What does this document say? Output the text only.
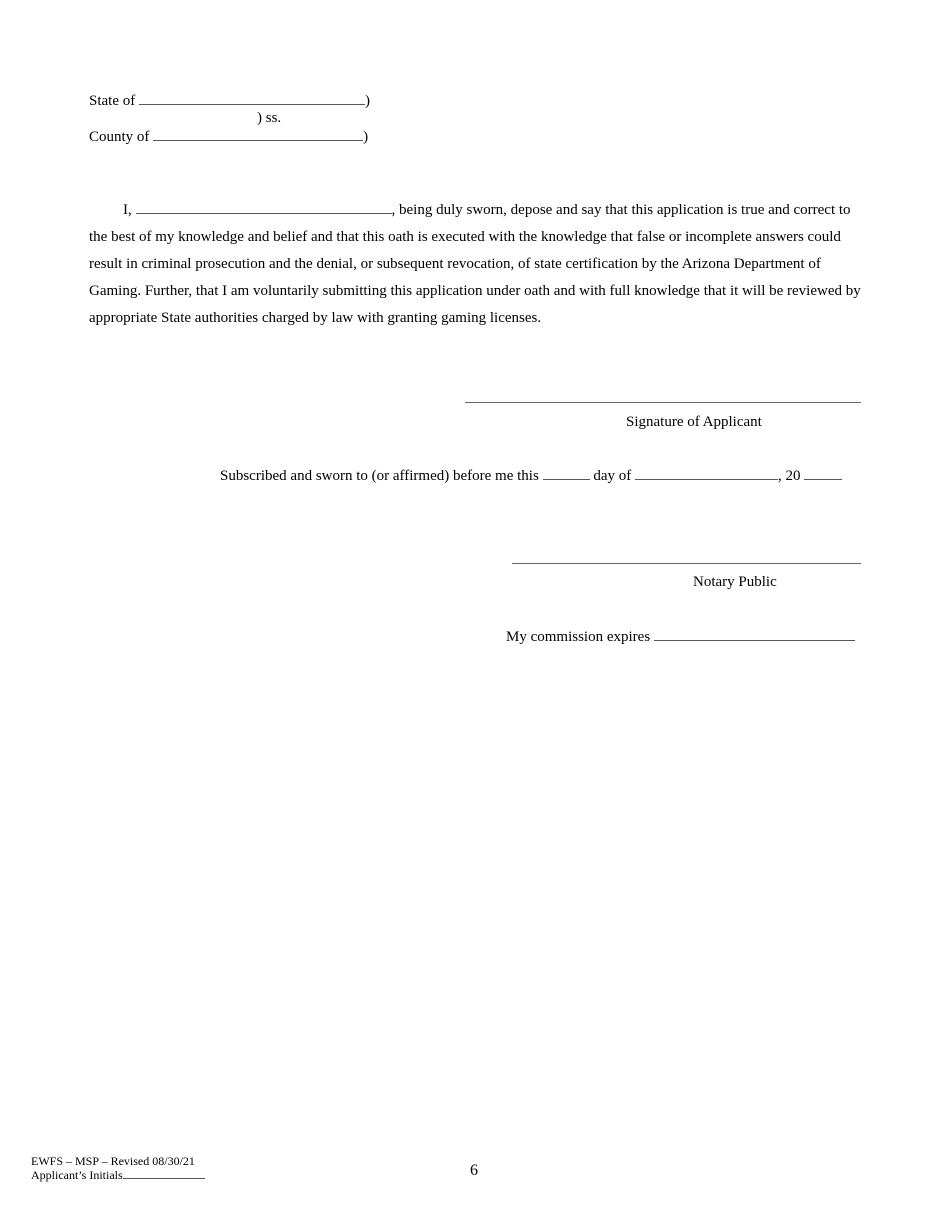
State of	)
) ss.
County of	)
I,	, being duly sworn, depose and say that this application is true and correct to the best of my knowledge and belief and that this oath is executed with the knowledge that false or incomplete answers could result in criminal prosecution and the denial, or subsequent revocation, of state certification by the Arizona Department of Gaming. Further, that I am voluntarily submitting this application under oath and with full knowledge that it will be reviewed by appropriate State authorities charged by law with granting gaming licenses.
Signature of Applicant
Subscribed and sworn to (or affirmed) before me this	day of	, 20
Notary Public
My commission expires
EWFS – MSP – Revised 08/30/21
Applicant’s Initials	6
